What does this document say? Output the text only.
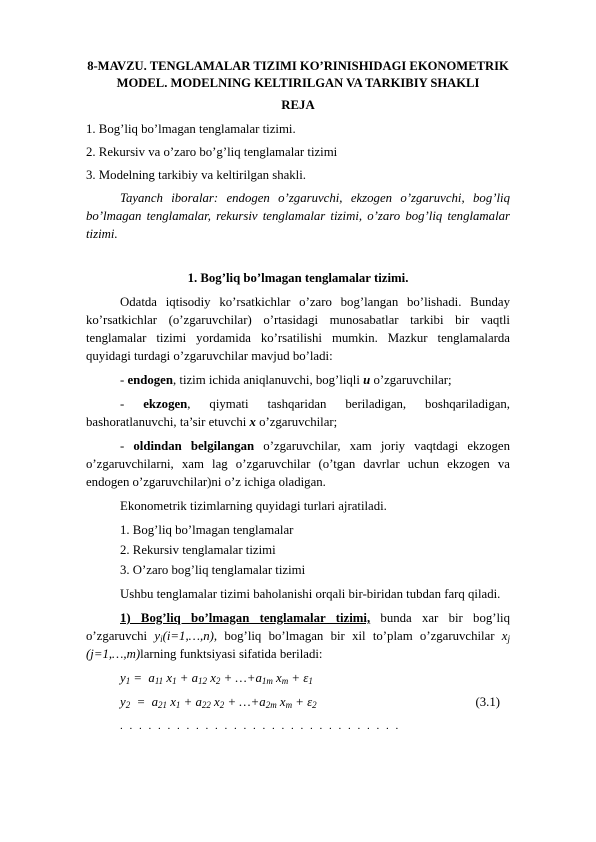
8-MAVZU. TENGLAMALAR TIZIMI KO’RINISHIDAGI EKONOMETRIK MODEL. MODELNING KELTIRILGAN VA TARKIBIY SHAKLI
REJA
1. Bog’liq bo’lmagan tenglamalar tizimi.
2. Rekursiv va o’zaro bo’g’liq tenglamalar tizimi
3. Modelning tarkibiy va keltirilgan shakli.

Tayanch iboralar: endogen o’zgaruvchi, ekzogen o’zgaruvchi, bog’liq bo’lmagan tenglamalar, rekursiv tenglamalar tizimi, o’zaro bog’liq tenglamalar tizimi.

1. Bog’liq bo’lmagan tenglamalar tizimi.

Odatda iqtisodiy ko’rsatkichlar o’zaro bog’langan bo’lishadi. Bunday ko’rsatkichlar (o’zgaruvchilar) o’rtasidagi munosabatlar tarkibi bir vaqtli tenglamalar tizimi yordamida ko’rsatilishi mumkin. Mazkur tenglamalarda quyidagi turdagi o’zgaruvchilar mavjud bo’ladi:

- endogen, tizim ichida aniqlanuvchi, bog’liqli u o’zgaruvchilar;

- ekzogen, qiymati tashqaridan beriladigan, boshqariladigan, bashoratlanuvchi, ta’sir etuvchi x o’zgaruvchilar;

- oldindan belgilangan o’zgaruvchilar, xam joriy vaqtdagi ekzogen o’zgaruvchilarni, xam lag o’zgaruvchilar (o’tgan davrlar uchun ekzogen va endogen o’zgaruvchilar)ni o’z ichiga oladigan.

Ekonometrik tizimlarning quyidagi turlari ajratiladi.

1. Bog’liq bo’lmagan tenglamalar
2. Rekursiv tenglamalar tizimi
3. O’zaro bog’liq tenglamalar tizimi

Ushbu tenglamalar tizimi baholanishi orqali bir-biridan tubdan farq qiladi.

1) Bog’liq bo’lmagan tenglamalar tizimi, bunda xar bir bog’liq o’zgaruvchi $y_i(i=1,\dots,n)$, bog’liq bo’lmagan bir xil to’plam o’zgaruvchilar $x_j$ (j=1,…,m)larning funktsiyasi sifatida beriladi:

$y_1 = a_{11}$ $x_1 + a_{12}$ $x_2$ + $\dots+a_{1m}$ $x_m + \varepsilon_1$
$y_2 = a_{21}$ $x_1 + a_{22}$ $x_2$ + $\dots+a_{2m}$ $x_m + \varepsilon_2$	(3.1)
. . . . . . . . . . . . . . . . . . . . . . . . . . . . . .
